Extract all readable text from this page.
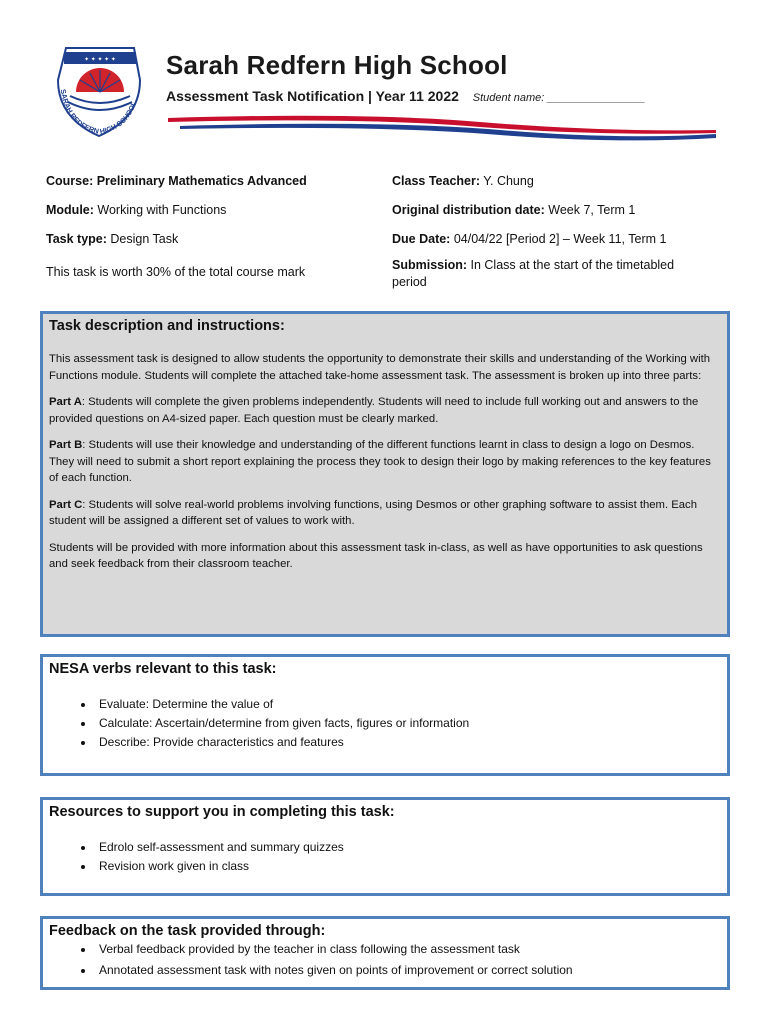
✦ ✦ ✦ ✦ ✦
SARAH REDFERN HIGH SCHOOL
Sarah Redfern High School
Assessment Task Notification | Year 11 2022 Student name: ________________
Course: Preliminary Mathematics Advanced
Module: Working with Functions
Task type: Design Task
This task is worth 30% of the total course mark
Class Teacher: Y. Chung
Original distribution date: Week 7, Term 1
Due Date: 04/04/22 [Period 2] – Week 11, Term 1
Submission: In Class at the start of the timetabled
period
Task description and instructions:

This assessment task is designed to allow students the opportunity to demonstrate their skills and understanding of the Working with Functions module. Students will complete the attached take-home assessment task. The assessment is broken up into three parts:

Part A: Students will complete the given problems independently. Students will need to include full working out and answers to the provided questions on A4-sized paper. Each question must be clearly marked.

Part B: Students will use their knowledge and understanding of the different functions learnt in class to design a logo on Desmos. They will need to submit a short report explaining the process they took to design their logo by making references to the key features of each function.

Part C: Students will solve real-world problems involving functions, using Desmos or other graphing software to assist them. Each student will be assigned a different set of values to work with.

Students will be provided with more information about this assessment task in-class, as well as have opportunities to ask questions and seek feedback from their classroom teacher.

NESA verbs relevant to this task:
• Evaluate: Determine the value of
• Calculate: Ascertain/determine from given facts, figures or information
• Describe: Provide characteristics and features
Resources to support you in completing this task:
• Edrolo self-assessment and summary quizzes
• Revision work given in class
Feedback on the task provided through:
• Verbal feedback provided by the teacher in class following the assessment task
• Annotated assessment task with notes given on points of improvement or correct solution
